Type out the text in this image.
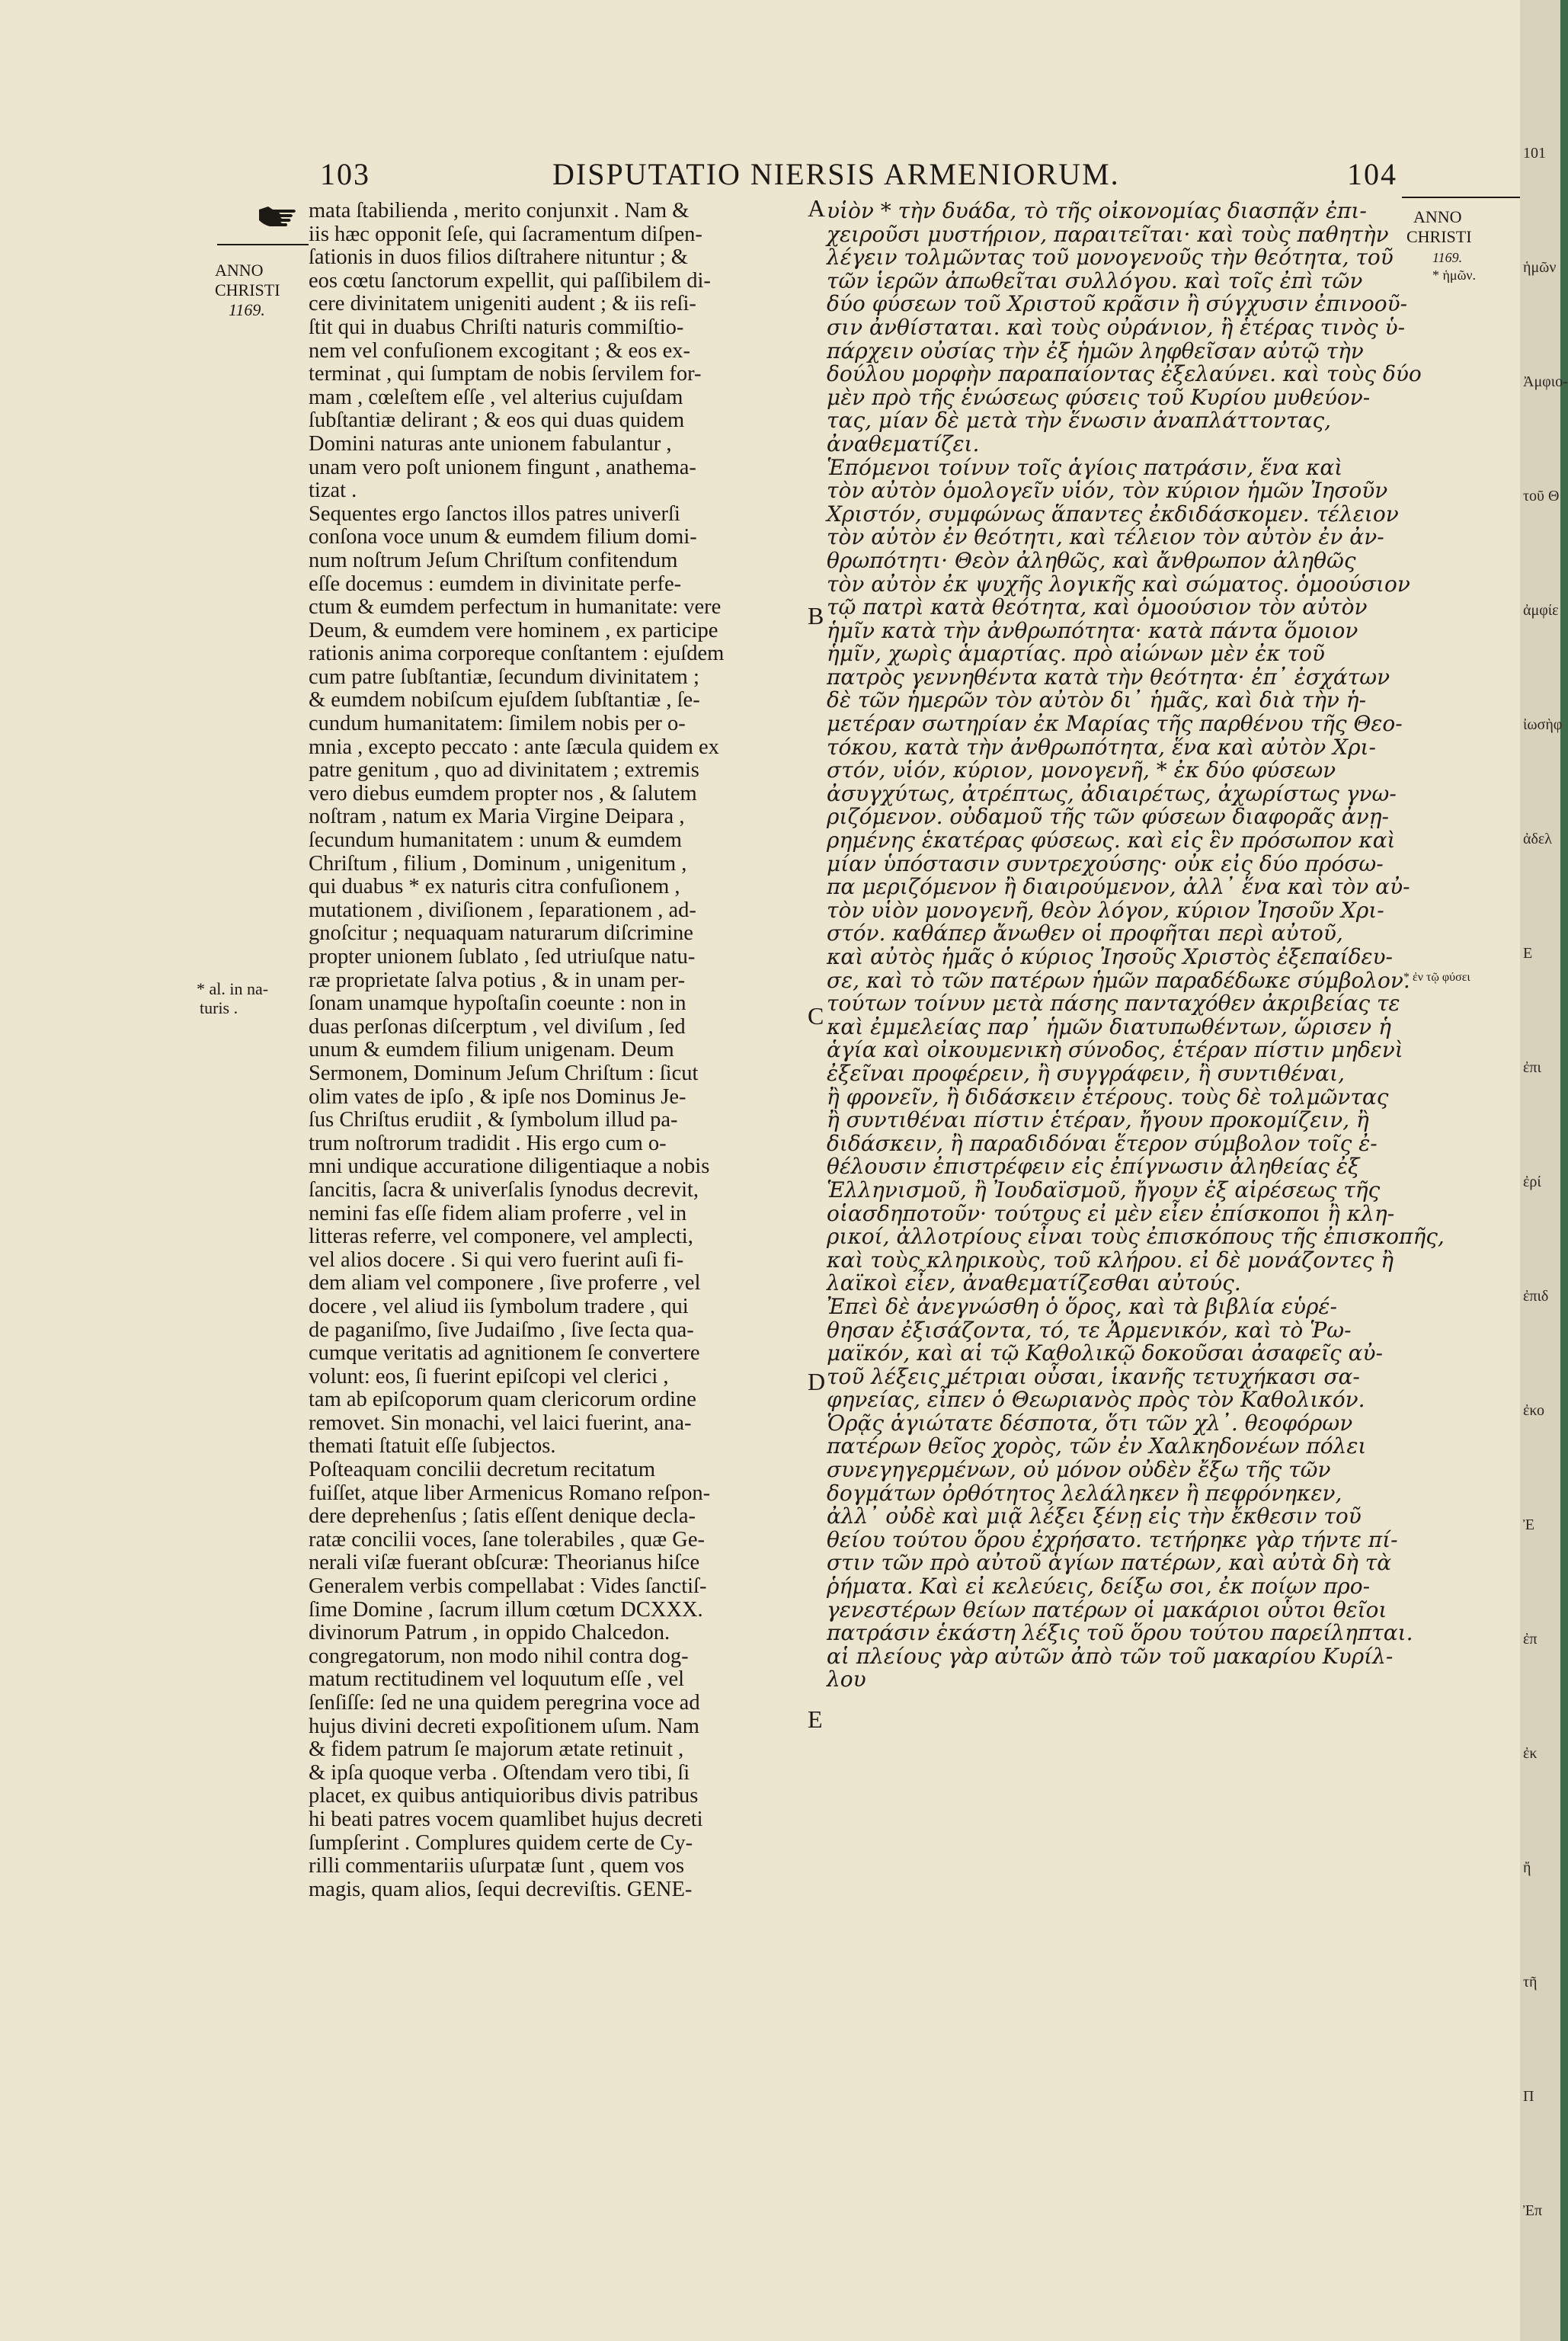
103	DISPUTATIO NIERSIS ARMENIORUM.	104
ANNO
CHRISTI
1169.
* al. in na-
turis .
ANNO
CHRISTI
1169.
* ἡμῶν.
* ἐν τῷ φύσει
A
B
C
D
E
mata ſtabilienda , merito conjunxit . Nam &
iis hæc opponit ſeſe, qui ſacramentum diſpen-
ſationis in duos filios diſtrahere nituntur ; &
eos cœtu ſanctorum expellit, qui paſſibilem di-
cere divinitatem unigeniti audent ; & iis reſi-
ſtit qui in duabus Chriſti naturis commiſtio-
nem vel confuſionem excogitant ; & eos ex-
terminat , qui ſumptam de nobis ſervilem for-
mam , cœleſtem eſſe , vel alterius cujuſdam
ſubſtantiæ delirant ; & eos qui duas quidem
Domini naturas ante unionem fabulantur ,
unam vero poſt unionem fingunt , anathema-
tizat .
Sequentes ergo ſanctos illos patres univerſi
conſona voce unum & eumdem filium domi-
num noſtrum Jeſum Chriſtum confitendum
eſſe docemus : eumdem in divinitate perfe-
ctum & eumdem perfectum in humanitate: vere
Deum, & eumdem vere hominem , ex participe
rationis anima corporeque conſtantem : ejuſdem
cum patre ſubſtantiæ, ſecundum divinitatem ;
& eumdem nobiſcum ejuſdem ſubſtantiæ , ſe-
cundum humanitatem: ſimilem nobis per o-
mnia , excepto peccato : ante ſæcula quidem ex
patre genitum , quo ad divinitatem ; extremis
vero diebus eumdem propter nos , & ſalutem
noſtram , natum ex Maria Virgine Deipara ,
ſecundum humanitatem : unum & eumdem
Chriſtum , filium , Dominum , unigenitum ,
qui duabus * ex naturis citra confuſionem ,
mutationem , diviſionem , ſeparationem , ad-
gnoſcitur ; nequaquam naturarum diſcrimine
propter unionem ſublato , ſed utriuſque natu-
ræ proprietate ſalva potius , & in unam per-
ſonam unamque hypoſtaſin coeunte : non in
duas perſonas diſcerptum , vel diviſum , ſed
unum & eumdem filium unigenam. Deum
Sermonem, Dominum Jeſum Chriſtum : ſicut
olim vates de ipſo , & ipſe nos Dominus Je-
ſus Chriſtus erudiit , & ſymbolum illud pa-
trum noſtrorum tradidit . His ergo cum o-
mni undique accuratione diligentiaque a nobis
ſancitis, ſacra & univerſalis ſynodus decrevit,
nemini fas eſſe fidem aliam proferre , vel in
litteras referre, vel componere, vel amplecti,
vel alios docere . Si qui vero fuerint auſi fi-
dem aliam vel componere , ſive proferre , vel
docere , vel aliud iis ſymbolum tradere , qui
de paganiſmo, ſive Judaiſmo , ſive ſecta qua-
cumque veritatis ad agnitionem ſe convertere
volunt: eos, ſi fuerint epiſcopi vel clerici ,
tam ab epiſcoporum quam clericorum ordine
removet. Sin monachi, vel laici fuerint, ana-
themati ſtatuit eſſe ſubjectos.
Poſteaquam concilii decretum recitatum
fuiſſet, atque liber Armenicus Romano reſpon-
dere deprehenſus ; ſatis eſſent denique decla-
ratæ concilii voces, ſane tolerabiles , quæ Ge-
nerali viſæ fuerant obſcuræ: Theorianus hiſce
Generalem verbis compellabat : Vides ſanctiſ-
ſime Domine , ſacrum illum cœtum DCXXX.
divinorum Patrum , in oppido Chalcedon.
congregatorum, non modo nihil contra dog-
matum rectitudinem vel loquutum eſſe , vel
ſenſiſſe: ſed ne una quidem peregrina voce ad
hujus divini decreti expoſitionem uſum. Nam
& fidem patrum ſe majorum ætate retinuit ,
& ipſa quoque verba . Oſtendam vero tibi, ſi
placet, ex quibus antiquioribus divis patribus
hi beati patres vocem quamlibet hujus decreti
ſumpſerint . Complures quidem certe de Cy-
rilli commentariis uſurpatæ ſunt , quem vos
magis, quam alios, ſequi decreviſtis. GENE-
υἱὸν * τὴν δυάδα, τὸ τῆς οἰκονομίας διασπᾷν ἐπι-
χειροῦσι μυστήριον, παραιτεῖται· καὶ τοὺς παθητὴν
λέγειν τολμῶντας τοῦ μονογενοῦς τὴν θεότητα, τοῦ
τῶν ἱερῶν ἀπωθεῖται συλλόγου. καὶ τοῖς ἐπὶ τῶν
δύο φύσεων τοῦ Χριστοῦ κρᾶσιν ἢ σύγχυσιν ἐπινοοῦ-
σιν ἀνθίσταται. καὶ τοὺς οὐράνιον, ἢ ἑτέρας τινὸς ὑ-
πάρχειν οὐσίας τὴν ἐξ ἡμῶν ληφθεῖσαν αὐτῷ τὴν
δούλου μορφὴν παραπαίοντας ἐξελαύνει. καὶ τοὺς δύο
μὲν πρὸ τῆς ἑνώσεως φύσεις τοῦ Κυρίου μυθεύον-
τας, μίαν δὲ μετὰ τὴν ἕνωσιν ἀναπλάττοντας,
ἀναθεματίζει.
Ἑπόμενοι τοίνυν τοῖς ἁγίοις πατράσιν, ἕνα καὶ
τὸν αὐτὸν ὁμολογεῖν υἱόν, τὸν κύριον ἡμῶν Ἰησοῦν
Χριστόν, συμφώνως ἅπαντες ἐκδιδάσκομεν. τέλειον
τὸν αὐτὸν ἐν θεότητι, καὶ τέλειον τὸν αὐτὸν ἐν ἀν-
θρωπότητι· Θεὸν ἀληθῶς, καὶ ἄνθρωπον ἀληθῶς
τὸν αὐτὸν ἐκ ψυχῆς λογικῆς καὶ σώματος. ὁμοούσιον
τῷ πατρὶ κατὰ θεότητα, καὶ ὁμοούσιον τὸν αὐτὸν
ἡμῖν κατὰ τὴν ἀνθρωπότητα· κατὰ πάντα ὅμοιον
ἡμῖν, χωρὶς ἁμαρτίας. πρὸ αἰώνων μὲν ἐκ τοῦ
πατρὸς γεννηθέντα κατὰ τὴν θεότητα· ἐπ᾽ ἐσχάτων
δὲ τῶν ἡμερῶν τὸν αὐτὸν δι᾽ ἡμᾶς, καὶ διὰ τὴν ἡ-
μετέραν σωτηρίαν ἐκ Μαρίας τῆς παρθένου τῆς Θεο-
τόκου, κατὰ τὴν ἀνθρωπότητα, ἕνα καὶ αὐτὸν Χρι-
στόν, υἱόν, κύριον, μονογενῆ, * ἐκ δύο φύσεων
ἀσυγχύτως, ἀτρέπτως, ἀδιαιρέτως, ἀχωρίστως γνω-
ριζόμενον. οὐδαμοῦ τῆς τῶν φύσεων διαφορᾶς ἀνῃ-
ρημένης ἑκατέρας φύσεως. καὶ εἰς ἓν πρόσωπον καὶ
μίαν ὑπόστασιν συντρεχούσης· οὐκ εἰς δύο πρόσω-
πα μεριζόμενον ἢ διαιρούμενον, ἀλλ᾽ ἕνα καὶ τὸν αὐ-
τὸν υἱὸν μονογενῆ, θεὸν λόγον, κύριον Ἰησοῦν Χρι-
στόν. καθάπερ ἄνωθεν οἱ προφῆται περὶ αὐτοῦ,
καὶ αὐτὸς ἡμᾶς ὁ κύριος Ἰησοῦς Χριστὸς ἐξεπαίδευ-
σε, καὶ τὸ τῶν πατέρων ἡμῶν παραδέδωκε σύμβολον.
τούτων τοίνυν μετὰ πάσης πανταχόθεν ἀκριβείας τε
καὶ ἐμμελείας παρ᾽ ἡμῶν διατυπωθέντων, ὥρισεν ἡ
ἁγία καὶ οἰκουμενικὴ σύνοδος, ἑτέραν πίστιν μηδενὶ
ἐξεῖναι προφέρειν, ἢ συγγράφειν, ἢ συντιθέναι,
ἢ φρονεῖν, ἢ διδάσκειν ἑτέρους. τοὺς δὲ τολμῶντας
ἢ συντιθέναι πίστιν ἑτέραν, ἤγουν προκομίζειν, ἢ
διδάσκειν, ἢ παραδιδόναι ἕτερον σύμβολον τοῖς ἐ-
θέλουσιν ἐπιστρέφειν εἰς ἐπίγνωσιν ἀληθείας ἐξ
Ἑλληνισμοῦ, ἢ Ἰουδαϊσμοῦ, ἤγουν ἐξ αἱρέσεως τῆς
οἱασδηποτοῦν· τούτους εἰ μὲν εἶεν ἐπίσκοποι ἢ κλη-
ρικοί, ἀλλοτρίους εἶναι τοὺς ἐπισκόπους τῆς ἐπισκοπῆς,
καὶ τοὺς κληρικοὺς, τοῦ κλήρου. εἰ δὲ μονάζοντες ἢ
λαϊκοὶ εἶεν, ἀναθεματίζεσθαι αὐτούς.
Ἐπεὶ δὲ ἀνεγνώσθη ὁ ὅρος, καὶ τὰ βιβλία εὑρέ-
θησαν ἐξισάζοντα, τό, τε Ἀρμενικόν, καὶ τὸ Ῥω-
μαϊκόν, καὶ αἱ τῷ Καθολικῷ δοκοῦσαι ἀσαφεῖς αὐ-
τοῦ λέξεις μέτριαι οὖσαι, ἱκανῆς τετυχήκασι σα-
φηνείας, εἶπεν ὁ Θεωριανὸς πρὸς τὸν Καθολικόν.
Ὁρᾷς ἁγιώτατε δέσποτα, ὅτι τῶν χλ᾽. θεοφόρων
πατέρων θεῖος χορὸς, τῶν ἐν Χαλκηδονέων πόλει
συνεγηγερμένων, οὐ μόνον οὐδὲν ἔξω τῆς τῶν
δογμάτων ὀρθότητος λελάληκεν ἢ πεφρόνηκεν,
ἀλλ᾽ οὐδὲ καὶ μιᾷ λέξει ξένῃ εἰς τὴν ἔκθεσιν τοῦ
θείου τούτου ὅρου ἐχρήσατο. τετήρηκε γὰρ τήντε πί-
στιν τῶν πρὸ αὐτοῦ ἁγίων πατέρων, καὶ αὐτὰ δὴ τὰ
ῥήματα. Καὶ εἰ κελεύεις, δείξω σοι, ἐκ ποίων προ-
γενεστέρων θείων πατέρων οἱ μακάριοι οὗτοι θεῖοι
πατράσιν ἑκάστη λέξις τοῦ ὅρου τούτου παρείληπται.
αἱ πλείους γὰρ αὐτῶν ἀπὸ τῶν τοῦ μακαρίου Κυρίλ-
λου
101
ἡμῶν
Ἀμφιο-
τοῦ Θ
ἀμφίε
ἰωσὴφ
ἀδελ
Ε
ἐπι
ἐρί
ἐπιδ
ἐκο
Ἐ
ἐπ
ἐκ
ἤ
τῆ
Π
Ἐπ
